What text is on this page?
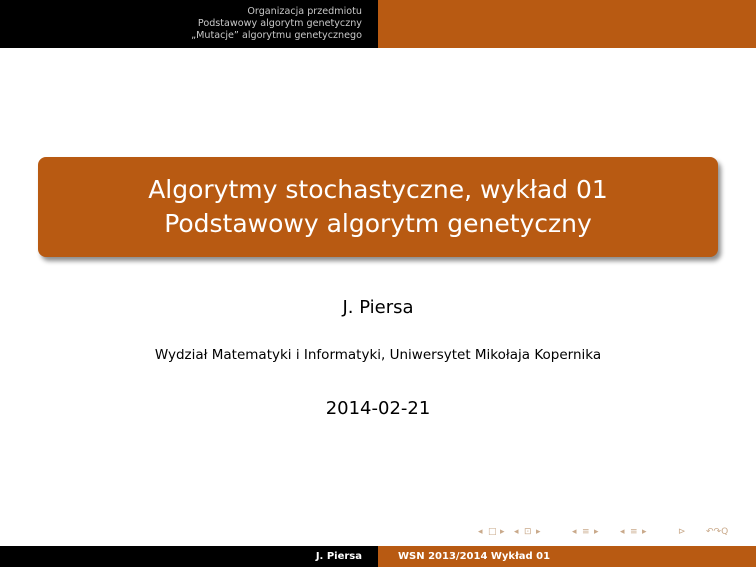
Organizacja przedmiotu
Podstawowy algorytm genetyczny
„Mutacje” algorytmu genetycznego
Algorytmy stochastyczne, wykład 01
Podstawowy algorytm genetyczny
J. Piersa
Wydział Matematyki i Informatyki, Uniwersytet Mikołaja Kopernika
2014-02-21
◂ □ ▸ ◂ ⊡ ▸	◂ ≡ ▸ ◂ ≡ ▸	⊳ ↶↷Q
J. Piersa	WSN 2013/2014 Wykład 01
